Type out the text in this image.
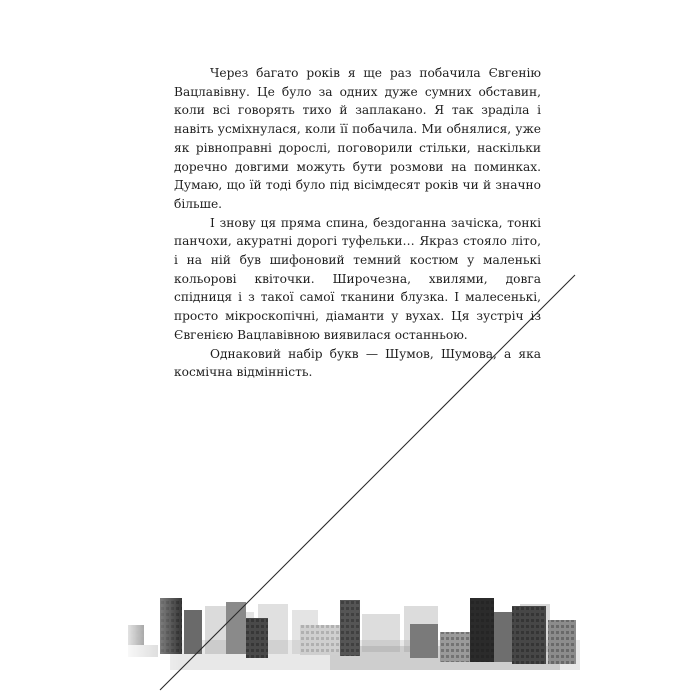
Через багато років я ще раз побачила Євгенію Вацлавівну. Це було за одних дуже сумних обставин, коли всі говорять тихо й заплакано. Я так зраділа і навіть усміхнулася, коли її побачила. Ми обнялися, уже як рівноправні дорослі, поговорили стільки, наскільки доречно довгими можуть бути розмови на поминках. Думаю, що їй тоді було під вісімдесят років чи й значно більше.

І знову ця пряма спина, бездоганна зачіска, тонкі панчохи, акуратні дорогі туфельки… Якраз стояло літо, і на ній був шифоновий темний костюм у маленькі кольорові квіточки. Широчезна, хвилями, довга спідниця і з такої самої тканини блузка. І малесенькі, просто мікроскопічні, діаманти у вухах. Ця зустріч із Євгенією Вацлавівною виявилася останньою.

Однаковий набір букв — Шумов, Шумова, а яка космічна відмінність.
